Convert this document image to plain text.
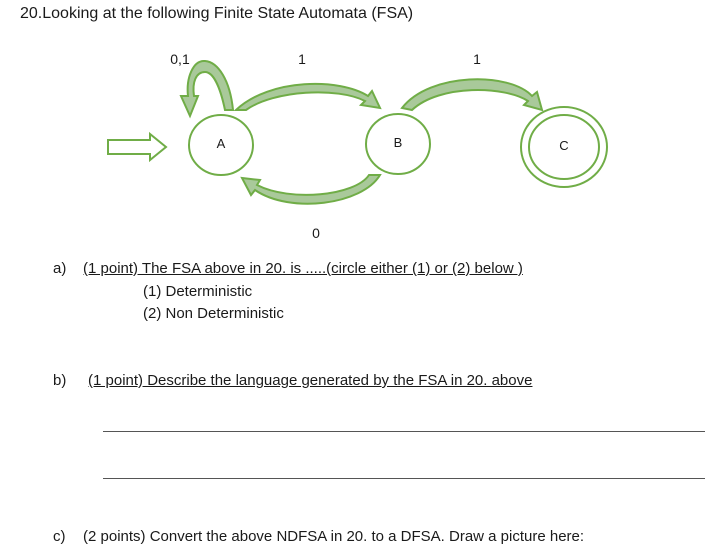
20.Looking at the following Finite State Automata (FSA)
A	B	C
0,1	1	1
0
a) (1 point) The FSA above in 20. is .....(circle either (1) or (2) below )
(1) Deterministic
(2) Non Deterministic
b) (1 point) Describe the language generated by the FSA in 20. above
c) (2 points) Convert the above NDFSA in 20. to a DFSA. Draw a picture here:
